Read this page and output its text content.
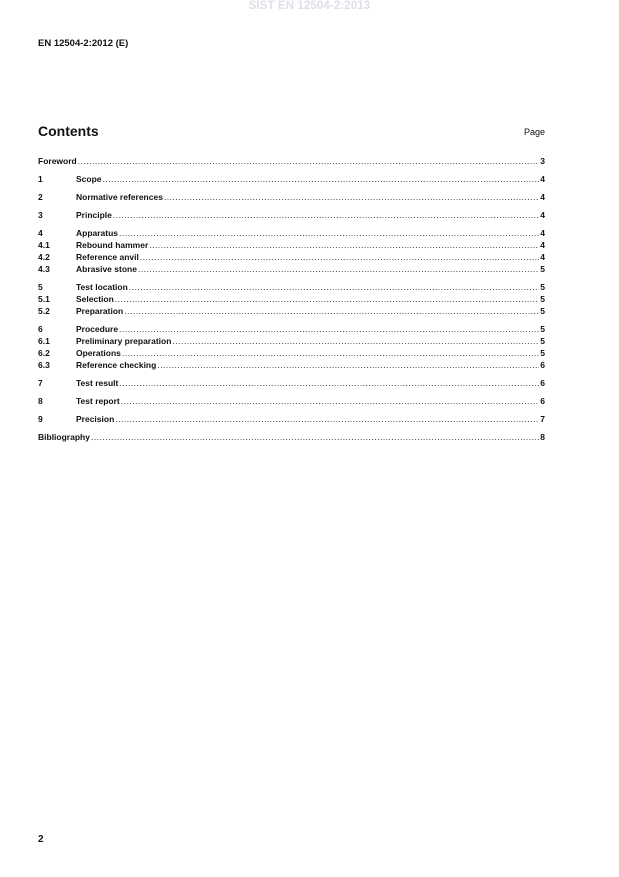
SIST EN 12504-2:2013
EN 12504-2:2012 (E)
Contents	Page
Foreword .....	3
1	Scope .....	4
2	Normative references .....	4
3	Principle .....	4
4	Apparatus .....	4
4.1	Rebound hammer .....	4
4.2	Reference anvil .....	4
4.3	Abrasive stone .....	5
5	Test location .....	5
5.1	Selection .....	5
5.2	Preparation .....	5
6	Procedure .....	5
6.1	Preliminary preparation .....	5
6.2	Operations .....	5
6.3	Reference checking .....	6
7	Test result .....	6
8	Test report .....	6
9	Precision .....	7
Bibliography .....	8
2
